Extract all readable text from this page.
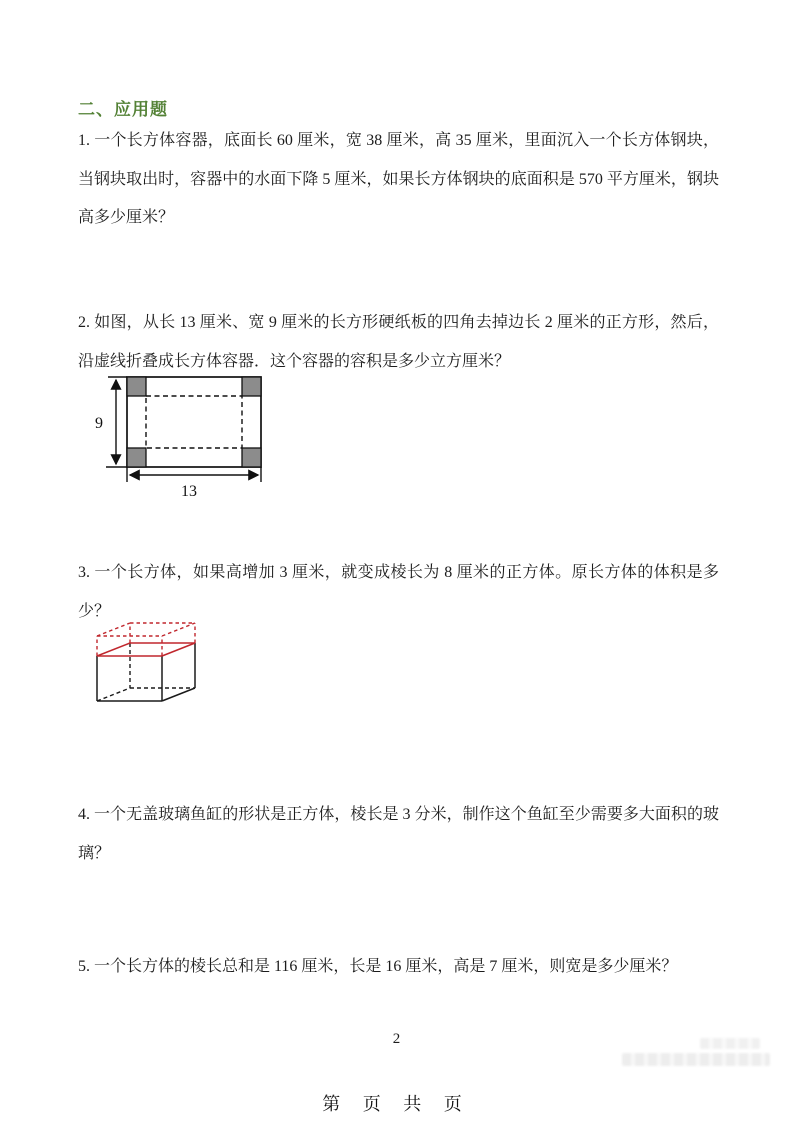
二、应用题
1. 一个长方体容器，底面长 60 厘米，宽 38 厘米，高 35 厘米，里面沉入一个长方体钢块，当钢块取出时，容器中的水面下降 5 厘米，如果长方体钢块的底面积是 570 平方厘米，钢块高多少厘米？
2. 如图，从长 13 厘米、宽 9 厘米的长方形硬纸板的四角去掉边长 2 厘米的正方形，然后，沿虚线折叠成长方体容器．这个容器的容积是多少立方厘米？
9
13
3. 一个长方体，如果高增加 3 厘米，就变成棱长为 8 厘米的正方体。原长方体的体积是多少？
4. 一个无盖玻璃鱼缸的形状是正方体，棱长是 3 分米，制作这个鱼缸至少需要多大面积的玻璃？
5. 一个长方体的棱长总和是 116 厘米，长是 16 厘米，高是 7 厘米，则宽是多少厘米？
2
第 页 共 页
